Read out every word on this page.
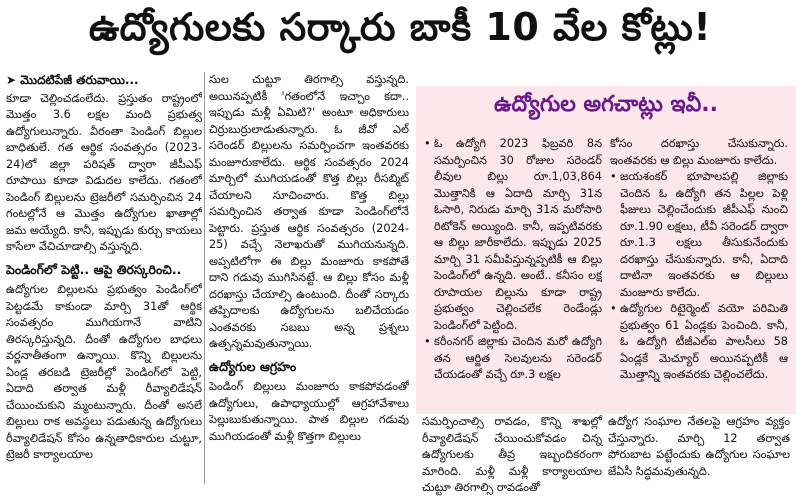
ఉద్యోగులకు సర్కారు బాకీ 10 వేల కోట్లు!
➤ మొదటిపేజీ తరువాయి...

కూడా చెల్లించడంలేదు. ప్రస్తుతం రాష్ట్రంలో మొత్తం 3.6 లక్షల మంది ప్రభుత్వ ఉద్యోగులున్నారు. వీరంతా పెండింగ్ బిల్లుల బాధితులే. గత ఆర్థిక సంవత్సరం (2023-24)లో జిల్లా పరిషత్ ద్వారా జీపీఎఫ్ రూపాయి కూడా విడుదల కాలేదు. గతంలో పెండింగ్ బిల్లులను ట్రెజరీలో సమర్పించిన 24 గంటల్లోనే ఆ మొత్తం ఉద్యోగుల ఖాతాల్లో జమ అయ్యేది. కానీ, ఇప్పుడు కుర్చు కాయలు కాసేలా వేచిచూడాల్సి వస్తున్నది.

పెండింగ్‌లో పెట్టి.. ఆపై తిరస్కరించి..

ఉద్యోగుల బిల్లులను ప్రభుత్వం పెండింగ్‌లో పెట్టడమే కాకుండా మార్చి 31తో ఆర్థిక సంవత్సరం ముగియగానే వాటిని తిరస్కరిస్తున్నది. దీంతో ఉద్యోగుల బాధలు వర్ణనాతీతంగా ఉన్నాయి. కొన్ని బిల్లులను ఏండ్ల తరబడి ట్రెజరీల్లో పెండింగ్‌లో పెట్టి, ఏదాది తర్వాత మళ్లీ రీవ్యాలిడేషన్ చేయించుకుని మ్మంటున్నారు. దీంతో అసలే బిల్లులు రాక అవస్థలు పడుతున్న ఉద్యోగులు రీవ్యాలిడేషన్ కోసం ఉన్నతాధికారుల చుట్టూ, ట్రెజరీ కార్యాలయాల

సుల చుట్టూ తిరగాల్సి వస్తున్నది. అయినప్పటికీ 'గతంలోనే ఇచ్చాం కదా.. ఇప్పుడు మళ్లీ ఏమిటి?' అంటూ అధికారులు చిర్రుబుర్రులాడుతున్నారు. ఓ జీవో ఎల్ సరెండర్ బిల్లులను సమర్పించగా ఇంతవరకు మంజూరుకాలేదు. ఆర్థిక సంవత్సరం 2024 మార్చిలో ముగియడంతో కొత్త బిల్లు రీసబ్మిట్ చేయాలని సూచించారు. కొత్త బిల్లు సమర్పించిన తర్వాత కూడా పెండింగ్‌లోనే పెట్టారు. ప్రస్తుత ఆర్థిక సంవత్సరం (2024-25) వచ్చే నెలాఖరుతో ముగియనున్నది. అప్పటిలోగా ఈ బిల్లు మంజూరు కాకపోతే దాని గడువు ముగిసినట్టే. ఆ బిల్లు కోసం మళ్లీ దరఖాస్తు చేయాల్సి ఉంటుంది. దీంతో సర్కారు తప్పిదాలకు ఉద్యోగులను బలిచేయడం ఎంతవరకు సబబు అన్న ప్రశ్నలు ఉత్పన్నమవుతున్నాయి.

ఉద్యోగుల ఆగ్రహం

పెండింగ్ బిల్లులు మంజూరు కాకపోవడంతో ఉద్యోగులు, ఉపాధ్యాయుల్లో ఆగ్రహావేశాలు పెల్లుబుకుతున్నాయి. పాత బిల్లుల గడువు ముగియడంతో మళ్లీ కొత్తగా బిల్లులు

ఉద్యోగుల అగచాట్లు ఇవీ..
• ఓ ఉద్యోగి 2023 ఫిబ్రవరి 8న సమర్పించిన 30 రోజుల సరెండర్ లీవుల బిల్లు రూ.1,03,864 మొత్తానికి ఆ ఏదాది మార్చి 31న ఓసారి, నిరుడు మార్చి 31న మరోసారి రిటోకెన్ అయ్యింది. కానీ, ఇప్పటివరకు ఆ బిల్లు జారీకాలేదు. ఇప్పుడు 2025 మార్చి 31 సమీపిస్తున్నప్పటికీ ఆ బిల్లు పెండింగ్‌లో ఉన్నది. అంటే.. కనీసం లక్ష రూపాయల బిల్లును కూడా రాష్ట్ర ప్రభుత్వం చెల్లించలేక రెండేండ్లు పెండింగ్‌లో పెట్టింది.
• కరీంనగర్ జిల్లాకు చెందిన మరో ఉద్యోగి తన ఆర్జిత సెలవులను సరెండర్ చేయడంతో వచ్చే రూ.3 లక్షల

కోసం దరఖాస్తు చేసుకున్నారు. ఇంతవరకు ఆ బిల్లు మంజూరు కాలేదు.

• జయశంకర్ భూపాలపల్లి జిల్లాకు చెందిన ఓ ఉద్యోగి తన పిల్లల పెళ్లి ఫీజులు చెల్లించేందుకు జీపీఎఫ్ నుంచి రూ.1.90 లక్షలు, టీవీ సరెండర్ ద్వారా రూ.1.3 లక్షలు తీసుకునేందుకు దరఖాస్తు చేసుకున్నారు. కానీ, ఏదాది దాటినా ఇంతవరకు ఆ బిల్లులు మంజూరు కాలేదు.
• ఉద్యోగుల రిటైర్మెంట్ వయో పరిమితి ప్రభుత్వం 61 ఏండ్లకు పెంచింది. కానీ, ఓ ఉద్యోగి టీజీఎల్ఐ పాలసీలు 58 ఏండ్లకే మెచ్యూర్ అయినప్పటికీ ఆ మొత్తాన్ని ఇంతవరకు చెల్లించలేదు.
సమర్పించాల్సి రావడం, కొన్ని శాఖల్లో రీవ్యాలిడేషన్ చేయించుకోవడం చిన్న ఉద్యోగులకు తీవ్ర ఇబ్బందికరంగా మారింది. మళ్లీ మళ్లీ కార్యాలయాల చుట్టూ తిరగాల్సి రావడంతో
ఉద్యోగ సంఘాల నేతలపై ఆగ్రహం వ్యక్తం చేస్తున్నారు. మార్చి 12 తర్వాత పోరుబాట పట్టేందుకు ఉద్యోగుల సంఘాల జేఏసీ సిద్ధమవుతున్నది.
